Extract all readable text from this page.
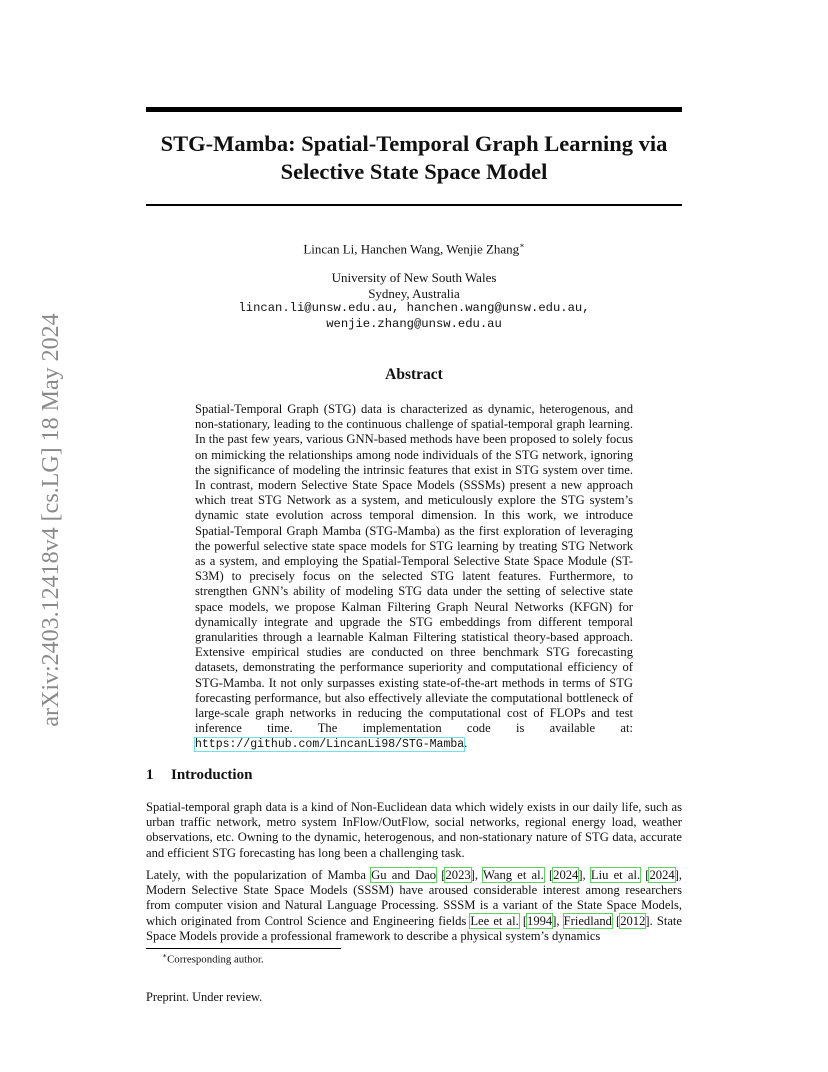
arXiv:2403.12418v4 [cs.LG] 18 May 2024
STG-Mamba: Spatial-Temporal Graph Learning via
Selective State Space Model
Lincan Li, Hanchen Wang, Wenjie Zhang∗
University of New South Wales
Sydney, Australia
lincan.li@unsw.edu.au, hanchen.wang@unsw.edu.au,
wenjie.zhang@unsw.edu.au
Abstract

Spatial-Temporal Graph (STG) data is characterized as dynamic, heterogenous, and non-stationary, leading to the continuous challenge of spatial-temporal graph learning. In the past few years, various GNN-based methods have been proposed to solely focus on mimicking the relationships among node individuals of the STG network, ignoring the significance of modeling the intrinsic features that exist in STG system over time. In contrast, modern Selective State Space Models (SSSMs) present a new approach which treat STG Network as a system, and meticulously explore the STG system’s dynamic state evolution across temporal dimension. In this work, we introduce Spatial-Temporal Graph Mamba (STG-Mamba) as the first exploration of leveraging the powerful selective state space models for STG learning by treating STG Network as a system, and employing the Spatial-Temporal Selective State Space Module (ST-S3M) to precisely focus on the selected STG latent features. Furthermore, to strengthen GNN’s ability of modeling STG data under the setting of selective state space models, we propose Kalman Filtering Graph Neural Networks (KFGN) for dynamically integrate and upgrade the STG embeddings from different temporal granularities through a learnable Kalman Filtering statistical theory-based approach. Extensive empirical studies are conducted on three benchmark STG forecasting datasets, demonstrating the performance superiority and computational efficiency of STG-Mamba. It not only surpasses existing state-of-the-art methods in terms of STG forecasting performance, but also effectively alleviate the computational bottleneck of large-scale graph networks in reducing the computational cost of FLOPs and test inference time. The implementation code is available at: https://github.com/LincanLi98/STG-Mamba.

1 Introduction

Spatial-temporal graph data is a kind of Non-Euclidean data which widely exists in our daily life, such as urban traffic network, metro system InFlow/OutFlow, social networks, regional energy load, weather observations, etc. Owning to the dynamic, heterogenous, and non-stationary nature of STG data, accurate and efficient STG forecasting has long been a challenging task.

Lately, with the popularization of Mamba Gu and Dao [2023], Wang et al. [2024], Liu et al. [2024], Modern Selective State Space Models (SSSM) have aroused considerable interest among researchers from computer vision and Natural Language Processing. SSSM is a variant of the State Space Models, which originated from Control Science and Engineering fields Lee et al. [1994], Friedland [2012]. State Space Models provide a professional framework to describe a physical system’s dynamics

∗Corresponding author.

Preprint. Under review.
